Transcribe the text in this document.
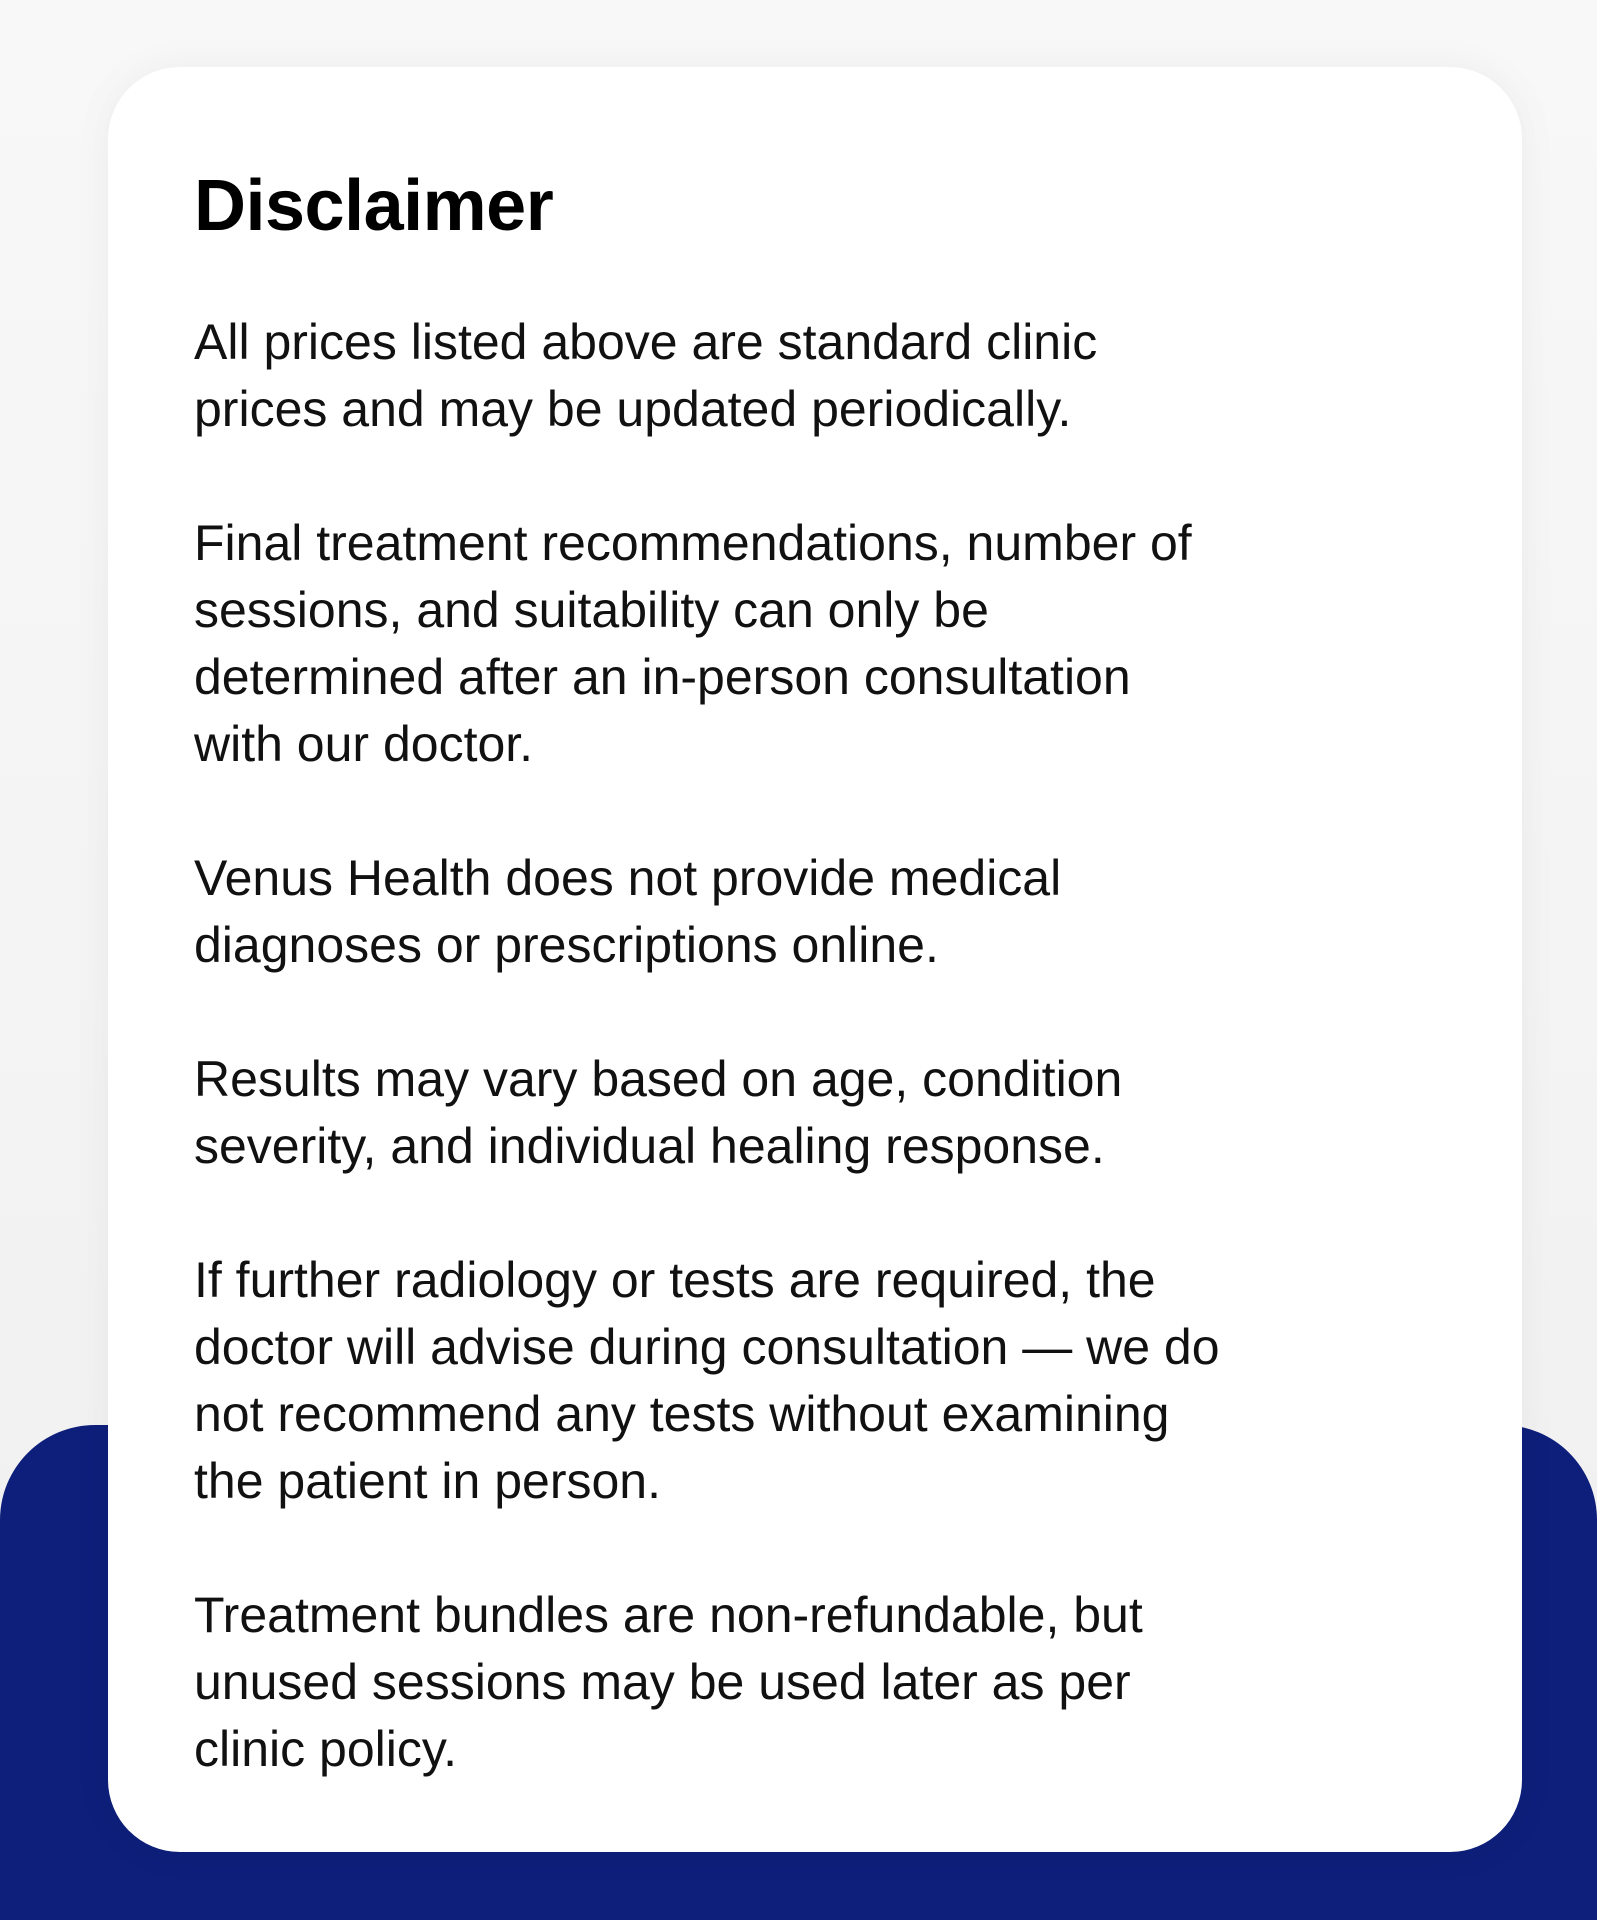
Disclaimer

All prices listed above are standard clinic
prices and may be updated periodically.

Final treatment recommendations, number of
sessions, and suitability can only be
determined after an in-person consultation
with our doctor.

Venus Health does not provide medical
diagnoses or prescriptions online.

Results may vary based on age, condition
severity, and individual healing response.

If further radiology or tests are required, the
doctor will advise during consultation — we do
not recommend any tests without examining
the patient in person.

Treatment bundles are non-refundable, but
unused sessions may be used later as per
clinic policy.
